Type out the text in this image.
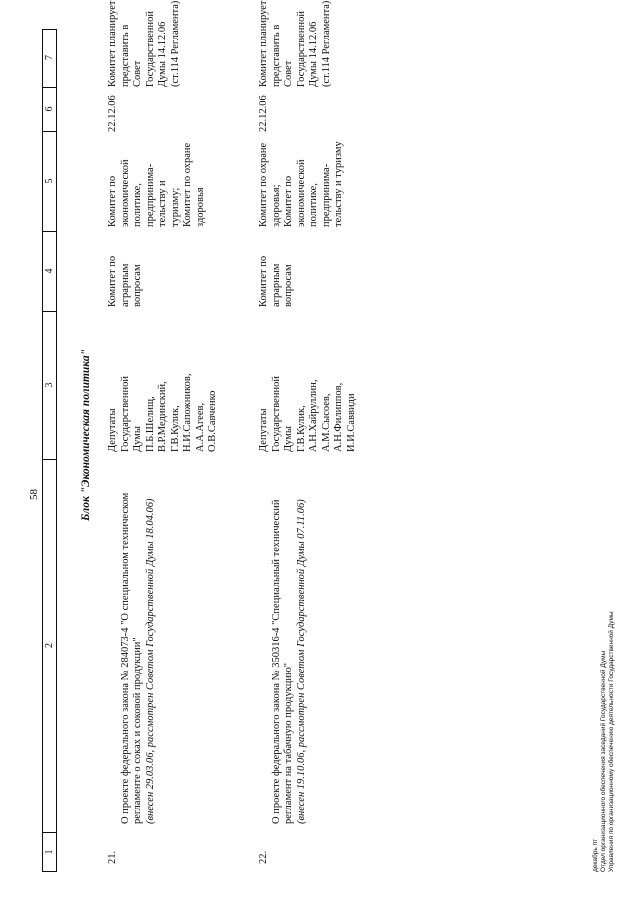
58
1
2
3
4
5
6
7
Блок "Экономическая политика"
21.

О проекте федерального закона № 284073-4 "О специальном техническом регламенте о соках и соковой продукции" (внесен 29.03.06, рассмотрен Советом Государственной Думы 18.04.06)

Депутаты
Государственной
Думы
П.Б.Шелищ,
В.Р.Мединский,
Г.В.Кулик,
Н.И.Сапожников,
А.А.Агеев,
О.В.Савченко
Комитет по
аграрным
вопросам
Комитет по
экономической
политике,
предпринима-
тельству и
туризму;
Комитет по охране
здоровья
22.12.06
Комитет планирует
представить в Совет
Государственной
Думы 14.12.06
(ст.114 Регламента)
22.

О проекте федерального закона № 350316-4 "Специальный технический регламент на табачную продукцию" (внесен 19.10.06, рассмотрен Советом Государственной Думы 07.11.06)

Депутаты
Государственной
Думы
Г.В.Кулик,
А.Н.Хайруллин,
А.М.Сысоев,
А.Н.Филиппов,
И.И.Саввиди
Комитет по
аграрным
вопросам
Комитет по охране
здоровья;
Комитет по
экономической
политике,
предпринима-
тельству и туризму
22.12.06
Комитет планирует
представить в Совет
Государственной
Думы 14.12.06
(ст.114 Регламента)
декабрь пт Отдел организационного обеспечения заседаний Государственной Думы Управления по организационному обеспечению деятельности Государственной Думы
